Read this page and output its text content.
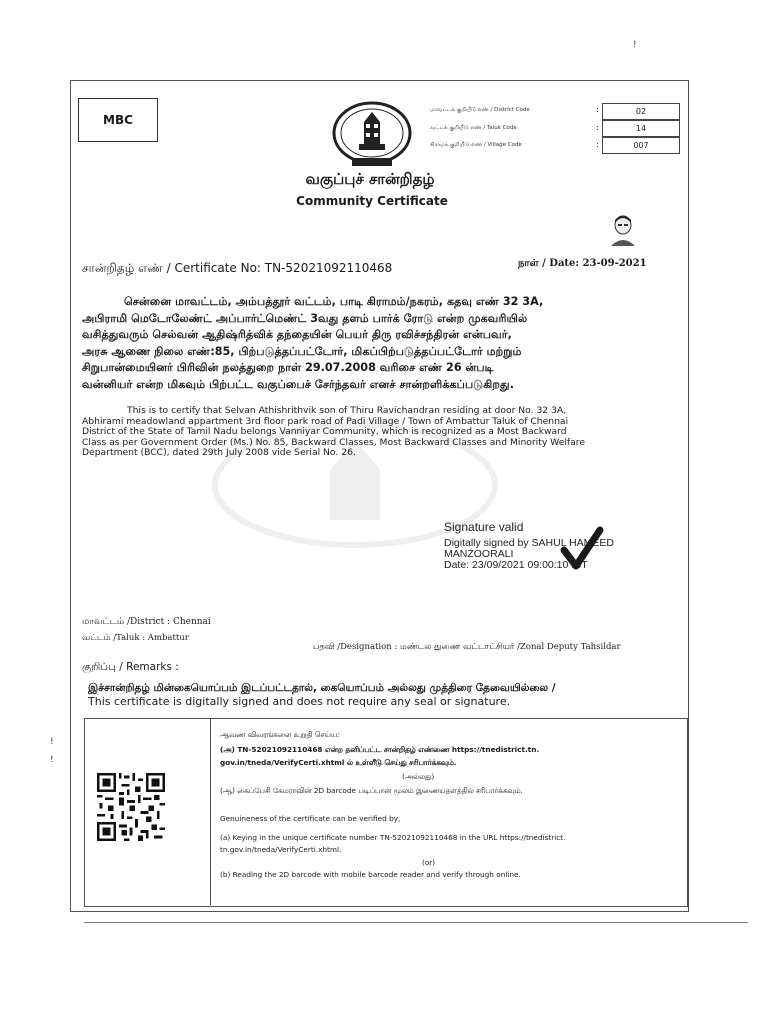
!
!
!
MBC
மாவட்டக் குறியீடு எண் / District Code	:	02
வட்டக் குறியீடு எண் / Taluk Code	:	14
கிராமக் குறியீடு எண் / Village Code	:	007
வகுப்புச் சான்றிதழ்
Community Certificate
சான்றிதழ் எண் / Certificate No: TN-52021092110468	நாள் / Date: 23-09-2021
சென்னை மாவட்டம், அம்பத்தூர் வட்டம், பாடி கிராமம்/நகரம், கதவு எண் 32 3A,
அபிராமி மெடோலேண்ட் அப்பார்ட்மெண்ட் 3வது தளம் பார்க் ரோடு என்ற முகவரியில்
வசித்துவரும் செல்வன் ஆதிஷ்ரித்விக் தந்தையின் பெயர் திரு ரவிச்சந்திரன் என்பவர்,
அரசு ஆணை நிலை எண்:85, பிற்படுத்தப்பட்டோர், மிகப்பிற்படுத்தப்பட்டோர் மற்றும்
சிறுபான்மையினர் பிரிவின் நலத்துறை நாள் 29.07.2008 வரிசை எண் 26 ன்படி
வன்னியர் என்ற மிகவும் பிற்பட்ட வகுப்பைச் சேர்ந்தவர் எனச் சான்றளிக்கப்படுகிறது.
This is to certify that Selvan Athishrithvik son of Thiru Ravichandran residing at door No. 32 3A,
Abhirami meadowland appartment 3rd floor park road of Padi Village / Town of Ambattur Taluk of Chennai
District of the State of Tamil Nadu belongs Vanniyar Community, which is recognized as a Most Backward
Class as per Government Order (Ms.) No. 85, Backward Classes, Most Backward Classes and Minority Welfare
Department (BCC), dated 29th July 2008 vide Serial No. 26.
Signature valid
Digitally signed by SAHUL HAMEED
MANZOORALI
Date: 23/09/2021 09:00:10 IST
மாவட்டம் /District : Chennai
வட்டம் /Taluk : Ambattur
பதவி /Designation : மண்டல துணை வட்டாட்சியர் /Zonal Deputy Tahsildar
குறிப்பு / Remarks :
இச்சான்றிதழ் மின்கையொப்பம் இடப்பட்டதால், கையொப்பம் அல்லது முத்திரை தேவையில்லை /
This certificate is digitally signed and does not require any seal or signature.
ஆவண விவரங்களை உறுதி செய்ய:
(அ) TN-52021092110468 என்ற தனிப்பட்ட சான்றிதழ் எண்ணை https://tnedistrict.tn.
gov.in/tneda/VerifyCerti.xhtml ல் உள்ளீடு செய்து சரிபார்க்கவும்.
(அல்லது)
(ஆ) கைப்பேசி கேமராவின் 2D barcode படிப்பான் மூலம் இணையதளத்தில் சரிபார்க்கவும்.
Genuineness of the certificate can be verified by,
(a) Keying in the unique certificate number TN-52021092110468 in the URL https://tnedistrict.
tn.gov.in/tneda/VerifyCerti.xhtml.
(or)
(b) Reading the 2D barcode with mobile barcode reader and verify through online.
